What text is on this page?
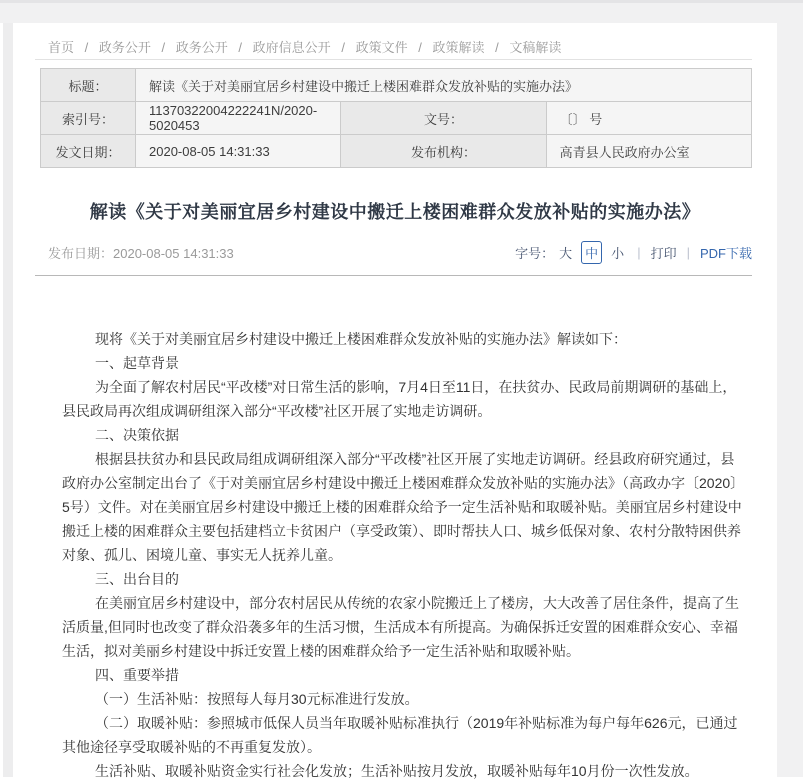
首页 / 政务公开 / 政务公开 / 政府信息公开 / 政策文件 / 政策解读 / 文稿解读
标题：	解读《关于对美丽宜居乡村建设中搬迁上楼困难群众发放补贴的实施办法》		
索引号：	11370322004222241N/2020-5020453	文号：	〔〕 号
发文日期：	2020-08-05 14:31:33	发布机构：	高青县人民政府办公室
解读《关于对美丽宜居乡村建设中搬迁上楼困难群众发放补贴的实施办法》
发布日期：2020-08-05 14:31:33	字号： 大	中	小 | 打印 | PDF下载

现将《关于对美丽宜居乡村建设中搬迁上楼困难群众发放补贴的实施办法》解读如下：

一、起草背景

为全面了解农村居民“平改楼”对日常生活的影响，7月4日至11日，在扶贫办、民政局前期调研的基础上，县民政局再次组成调研组深入部分“平改楼”社区开展了实地走访调研。

二、决策依据

根据县扶贫办和县民政局组成调研组深入部分“平改楼”社区开展了实地走访调研。经县政府研究通过，县政府办公室制定出台了《于对美丽宜居乡村建设中搬迁上楼困难群众发放补贴的实施办法》（高政办字〔2020〕5号）文件。对在美丽宜居乡村建设中搬迁上楼的困难群众给予一定生活补贴和取暖补贴。美丽宜居乡村建设中搬迁上楼的困难群众主要包括建档立卡贫困户（享受政策）、即时帮扶人口、城乡低保对象、农村分散特困供养对象、孤儿、困境儿童、事实无人抚养儿童。

三、出台目的

在美丽宜居乡村建设中，部分农村居民从传统的农家小院搬迁上了楼房，大大改善了居住条件，提高了生活质量,但同时也改变了群众沿袭多年的生活习惯，生活成本有所提高。为确保拆迁安置的困难群众安心、幸福生活，拟对美丽乡村建设中拆迁安置上楼的困难群众给予一定生活补贴和取暖补贴。

四、重要举措

（一）生活补贴：按照每人每月30元标准进行发放。

（二）取暖补贴：参照城市低保人员当年取暖补贴标准执行（2019年补贴标准为每户每年626元，已通过其他途径享受取暖补贴的不再重复发放）。

生活补贴、取暖补贴资金实行社会化发放；生活补贴按月发放，取暖补贴每年10月份一次性发放。
